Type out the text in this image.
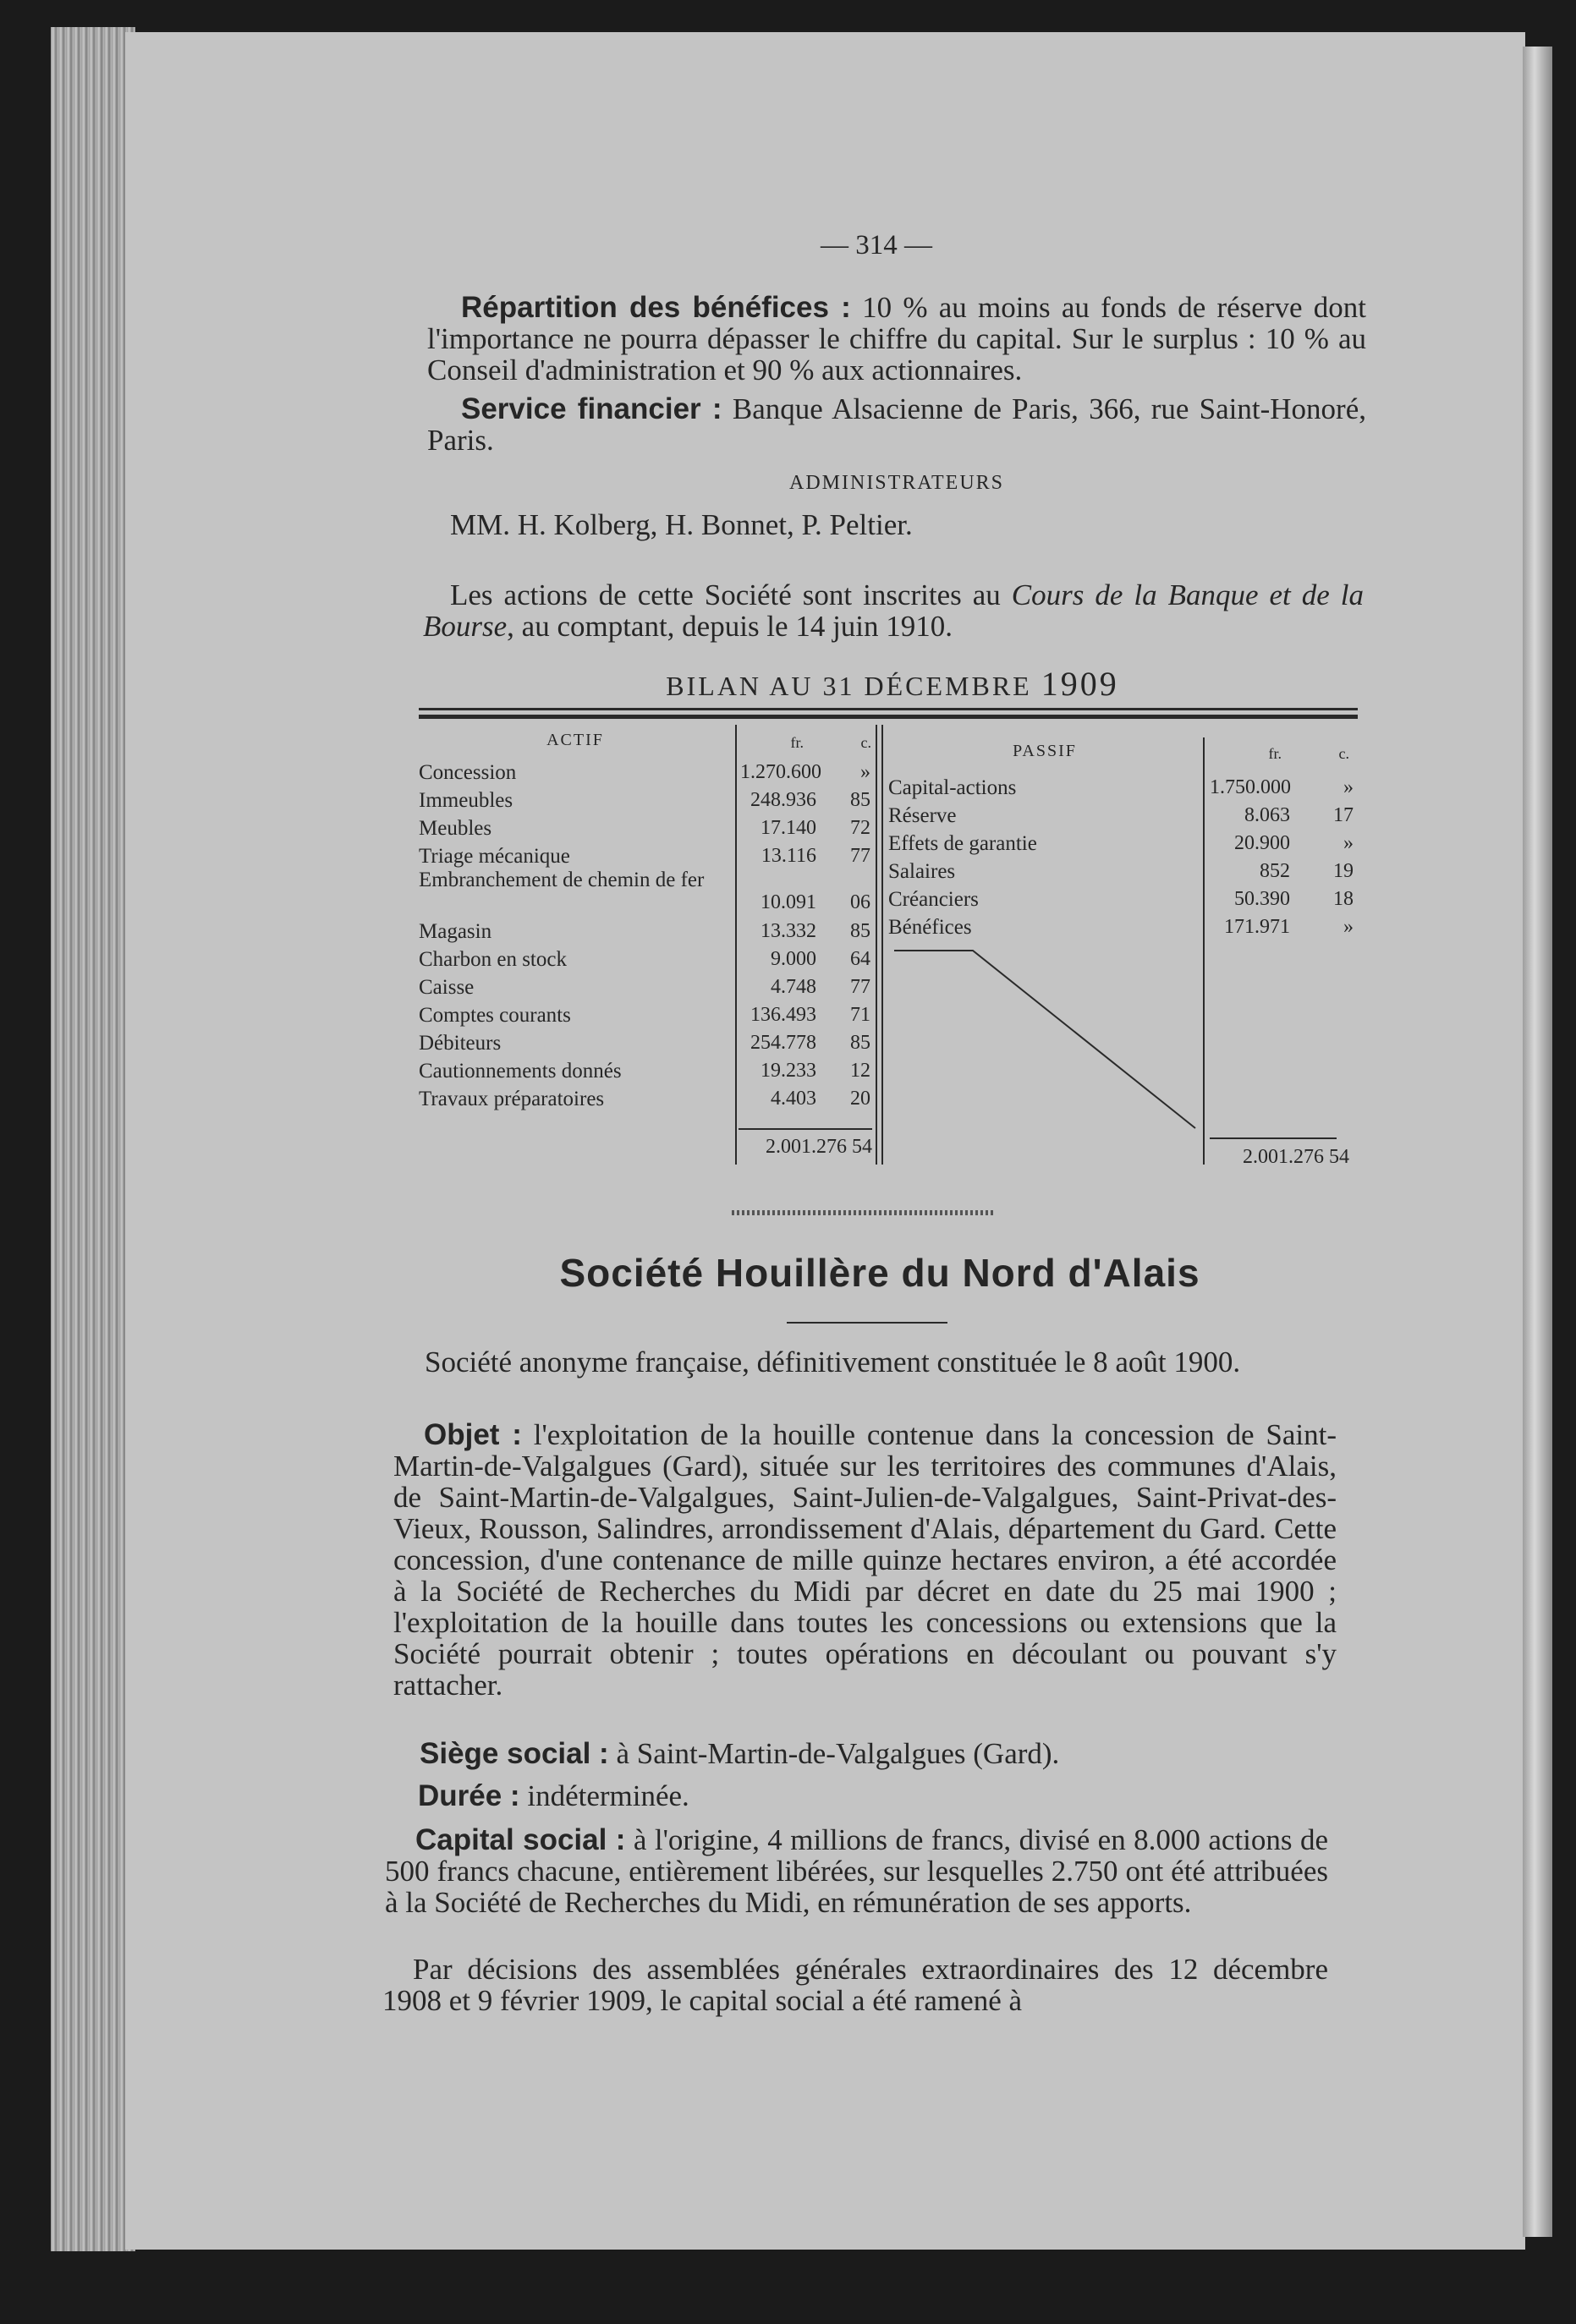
— 314 —

Répartition des bénéfices : 10 % au moins au fonds de réserve dont l'importance ne pourra dépasser le chiffre du capital. Sur le surplus : 10 % au Conseil d'administration et 90 % aux actionnaires.

Service financier : Banque Alsacienne de Paris, 366, rue Saint-Honoré, Paris.

ADMINISTRATEURS

MM. H. Kolberg, H. Bonnet, P. Peltier.

Les actions de cette Société sont inscrites au Cours de la Banque et de la Bourse, au comptant, depuis le 14 juin 1910.

BILAN AU 31 DÉCEMBRE 1909

ACTIF	fr.	c.	PASSIF	fr.	c.
Concession	1.270.600	»
Immeubles	248.936	85
Meubles	17.140	72
Triage mécanique	13.116	77
Embranchement de chemin de fer
10.091	06
Magasin	13.332	85
Charbon en stock	9.000	64
Caisse	4.748	77
Comptes courants	136.493	71
Débiteurs	254.778	85
Cautionnements donnés	19.233	12
Travaux préparatoires	4.403	20
2.001.276 54
Capital-actions	1.750.000	»
Réserve	8.063	17
Effets de garantie	20.900	»
Salaires	852	19
Créanciers	50.390	18
Bénéfices	171.971	»
2.001.276 54

Société Houillère du Nord d'Alais

Société anonyme française, définitivement constituée le 8 août 1900.

Objet : l'exploitation de la houille contenue dans la concession de Saint-Martin-de-Valgalgues (Gard), située sur les territoires des communes d'Alais, de Saint-Martin-de-Valgalgues, Saint-Julien-de-Valgalgues, Saint-Privat-des-Vieux, Rousson, Salindres, arrondissement d'Alais, département du Gard. Cette concession, d'une contenance de mille quinze hectares environ, a été accordée à la Société de Recherches du Midi par décret en date du 25 mai 1900 ; l'exploitation de la houille dans toutes les concessions ou extensions que la Société pourrait obtenir ; toutes opérations en découlant ou pouvant s'y rattacher.

Siège social : à Saint-Martin-de-Valgalgues (Gard).

Durée : indéterminée.

Capital social : à l'origine, 4 millions de francs, divisé en 8.000 actions de 500 francs chacune, entièrement libérées, sur lesquelles 2.750 ont été attribuées à la Société de Recherches du Midi, en rémunération de ses apports.

Par décisions des assemblées générales extraordinaires des 12 décembre 1908 et 9 février 1909, le capital social a été ramené à
